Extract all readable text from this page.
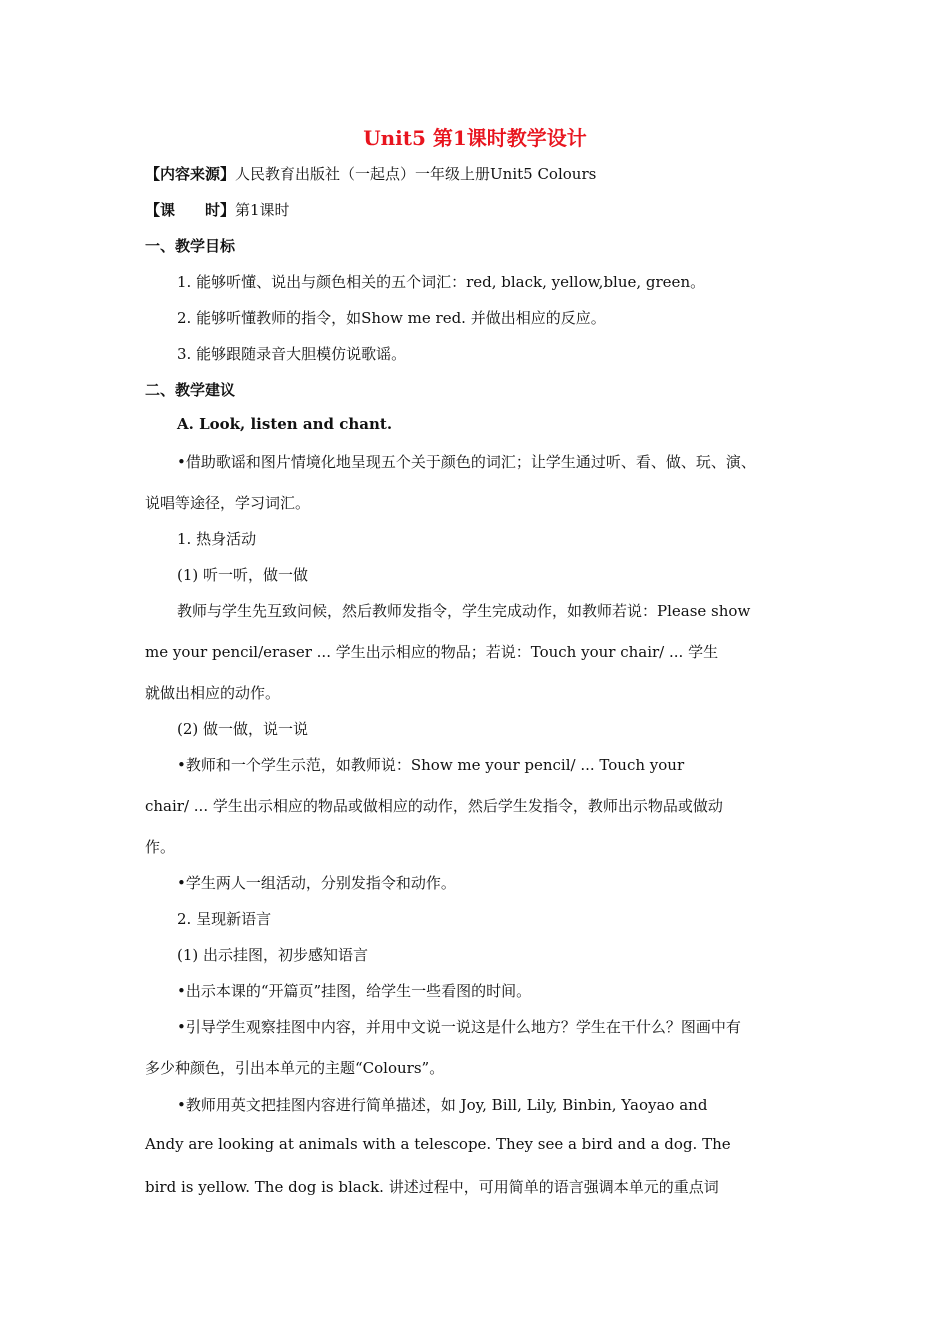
Unit5 第1课时教学设计
【内容来源】人民教育出版社（一起点）一年级上册Unit5 Colours
【课　　时】第1课时
一、教学目标
1. 能够听懂、说出与颜色相关的五个词汇：red, black, yellow,blue, green。
2. 能够听懂教师的指令，如Show me red. 并做出相应的反应。
3. 能够跟随录音大胆模仿说歌谣。
二、教学建议
A. Look, listen and chant.
•借助歌谣和图片情境化地呈现五个关于颜色的词汇；让学生通过听、看、做、玩、演、
说唱等途径，学习词汇。
1. 热身活动
(1) 听一听，做一做
教师与学生先互致问候，然后教师发指令，学生完成动作，如教师若说：Please show
me your pencil/eraser ... 学生出示相应的物品；若说：Touch your chair/ ... 学生
就做出相应的动作。
(2) 做一做，说一说
•教师和一个学生示范，如教师说：Show me your pencil/ ... Touch your
chair/ ... 学生出示相应的物品或做相应的动作，然后学生发指令，教师出示物品或做动
作。
•学生两人一组活动，分别发指令和动作。
2. 呈现新语言
(1) 出示挂图，初步感知语言
•出示本课的“开篇页”挂图，给学生一些看图的时间。
•引导学生观察挂图中内容，并用中文说一说这是什么地方？学生在干什么？图画中有
多少种颜色，引出本单元的主题“Colours”。
•教师用英文把挂图内容进行简单描述，如 Joy, Bill, Lily, Binbin, Yaoyao and
Andy are looking at animals with a telescope. They see a bird and a dog. The
bird is yellow. The dog is black. 讲述过程中，可用简单的语言强调本单元的重点词
